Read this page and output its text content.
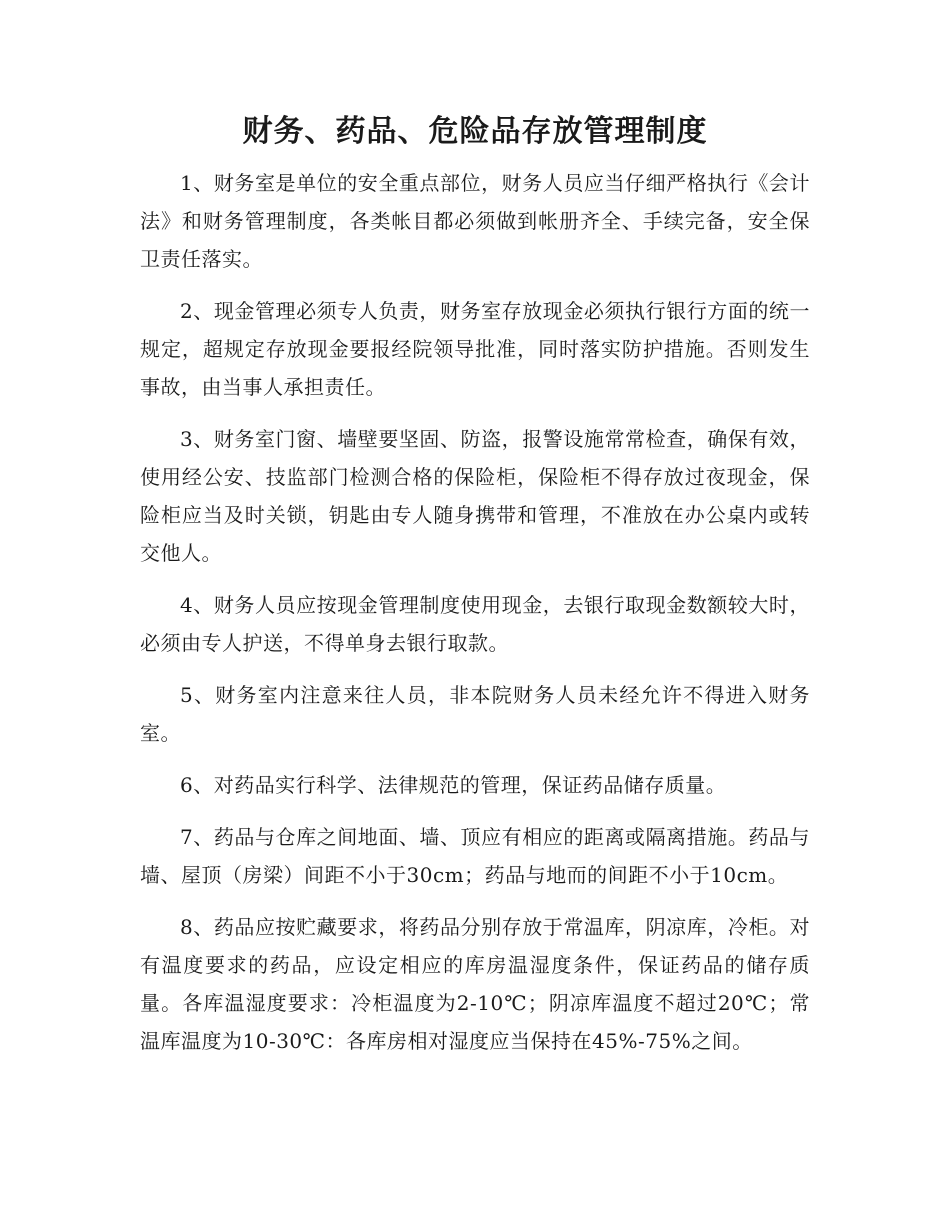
财务、药品、危险品存放管理制度

1、财务室是单位的安全重点部位，财务人员应当仔细严格执行《会计法》和财务管理制度，各类帐目都必须做到帐册齐全、手续完备，安全保卫责任落实。

2、现金管理必须专人负责，财务室存放现金必须执行银行方面的统一规定，超规定存放现金要报经院领导批准，同时落实防护措施。否则发生事故，由当事人承担责任。

3、财务室门窗、墙壁要坚固、防盗，报警设施常常检查，确保有效，使用经公安、技监部门检测合格的保险柜，保险柜不得存放过夜现金，保险柜应当及时关锁，钥匙由专人随身携带和管理，不准放在办公桌内或转交他人。

4、财务人员应按现金管理制度使用现金，去银行取现金数额较大时，必须由专人护送，不得单身去银行取款。

5、财务室内注意来往人员，非本院财务人员未经允许不得进入财务室。

6、对药品实行科学、法律规范的管理，保证药品储存质量。

7、药品与仓库之间地面、墙、顶应有相应的距离或隔离措施。药品与墙、屋顶（房梁）间距不小于30cm；药品与地而的间距不小于10cm。

8、药品应按贮藏要求，将药品分别存放于常温库，阴凉库，冷柜。对有温度要求的药品，应设定相应的库房温湿度条件，保证药品的储存质量。各库温湿度要求：冷柜温度为2-10℃；阴凉库温度不超过20℃；常温库温度为10-30℃：各库房相对湿度应当保持在45%-75%之间。
